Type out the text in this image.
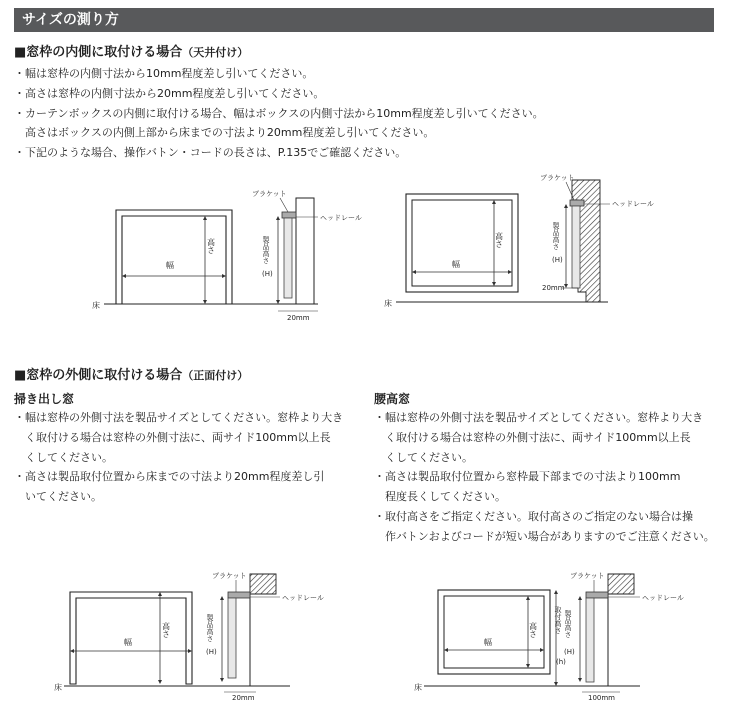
サイズの測り方
■窓枠の内側に取付ける場合（天井付け）

・幅は窓枠の内側寸法から10mm程度差し引いてください。

・高さは窓枠の内側寸法から20mm程度差し引いてください。

・カーテンボックスの内側に取付ける場合、幅はボックスの内側寸法から10mm程度差し引いてください。

高さはボックスの内側上部から床までの寸法より20mm程度差し引いてください。

・下記のような場合、操作バトン・コードの長さは、P.135でご確認ください。

幅
高さ
床
ブラケット
ヘッドレール
製品高さ
(H)
20mm
幅
高さ
床
ブラケット
ヘッドレール
製品高さ
(H)
20mm
■窓枠の外側に取付ける場合（正面付け）
掃き出し窓

・幅は窓枠の外側寸法を製品サイズとしてください。窓枠より大き

く取付ける場合は窓枠の外側寸法に、両サイド100mm以上長

くしてください。

・高さは製品取付位置から床までの寸法より20mm程度差し引

いてください。

腰高窓

・幅は窓枠の外側寸法を製品サイズとしてください。窓枠より大き

く取付ける場合は窓枠の外側寸法に、両サイド100mm以上長

くしてください。

・高さは製品取付位置から窓枠最下部までの寸法より100mm

程度長くしてください。

・取付高さをご指定ください。取付高さのご指定のない場合は操

作バトンおよびコードが短い場合がありますのでご注意ください。

幅
高さ
床
ブラケット
ヘッドレール
製品高さ
(H)
20mm
幅
高さ
床
ブラケット
ヘッドレール
製品高さ
(H)
取付高さ
(h)
100mm
